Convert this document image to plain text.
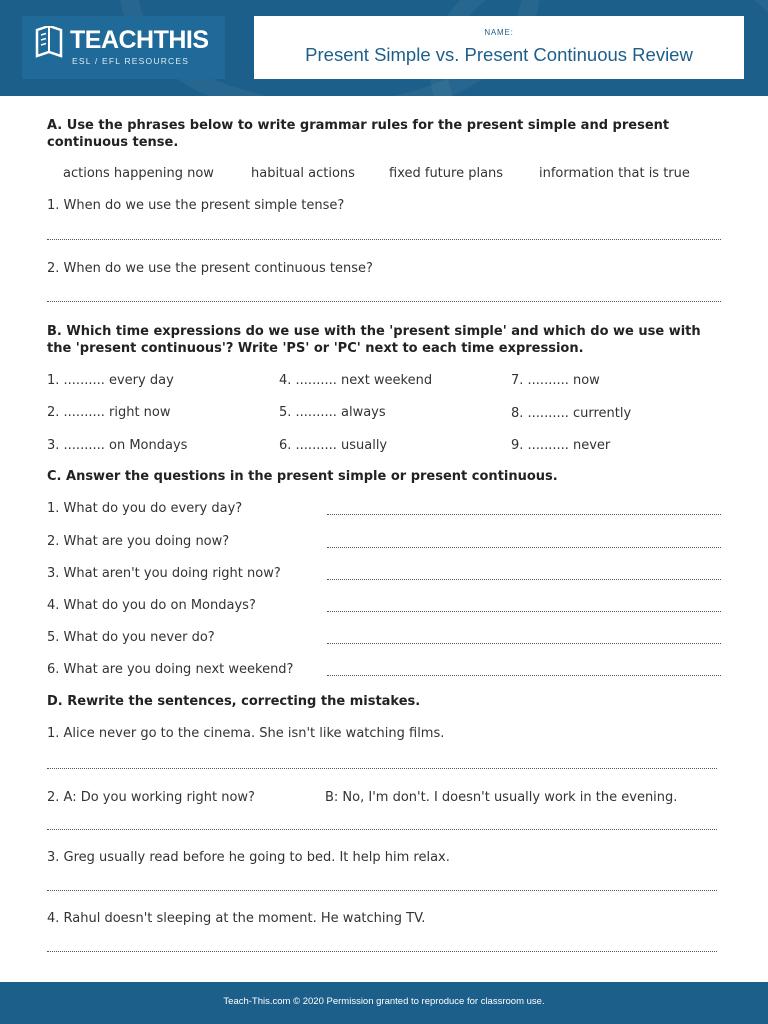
TEACHTHIS
ESL / EFL RESOURCES
NAME:
Present Simple vs. Present Continuous Review
A. Use the phrases below to write grammar rules for the present simple and present continuous tense.
actions happening now	habitual actions	fixed future plans	information that is true
1. When do we use the present simple tense?
2. When do we use the present continuous tense?
B. Which time expressions do we use with the 'present simple' and which do we use with the 'present continuous'? Write 'PS' or 'PC' next to each time expression.
1. .......... every day	4. .......... next weekend	7. .......... now
2. .......... right now	5. .......... always	8. .......... currently
3. .......... on Mondays	6. .......... usually	9. .......... never
C. Answer the questions in the present simple or present continuous.
1. What do you do every day?
2. What are you doing now?
3. What aren't you doing right now?
4. What do you do on Mondays?
5. What do you never do?
6. What are you doing next weekend?
D. Rewrite the sentences, correcting the mistakes.
1. Alice never go to the cinema. She isn't like watching films.
2. A: Do you working right now?	B: No, I'm don't. I doesn't usually work in the evening.
3. Greg usually read before he going to bed. It help him relax.
4. Rahul doesn't sleeping at the moment. He watching TV.
Teach-This.com © 2020 Permission granted to reproduce for classroom use.
